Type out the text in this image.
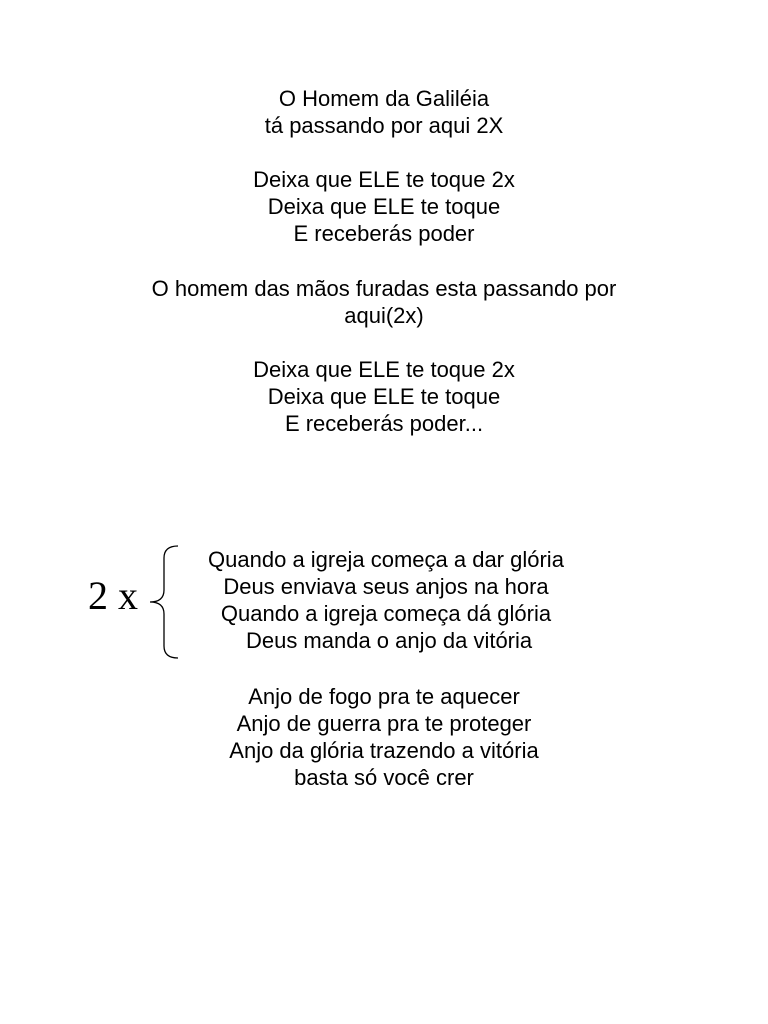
O Homem da Galiléia
tá passando por aqui 2X
Deixa que ELE te toque 2x
Deixa que ELE te toque
E receberás poder
O homem das mãos furadas esta passando por
aqui(2x)
Deixa que ELE te toque 2x
Deixa que ELE te toque
E receberás poder...
2 x
Quando a igreja começa a dar glória
Deus enviava seus anjos na hora
Quando a igreja começa dá glória
Deus manda o anjo da vitória
Anjo de fogo pra te aquecer
Anjo de guerra pra te proteger
Anjo da glória trazendo a vitória
basta só você crer
